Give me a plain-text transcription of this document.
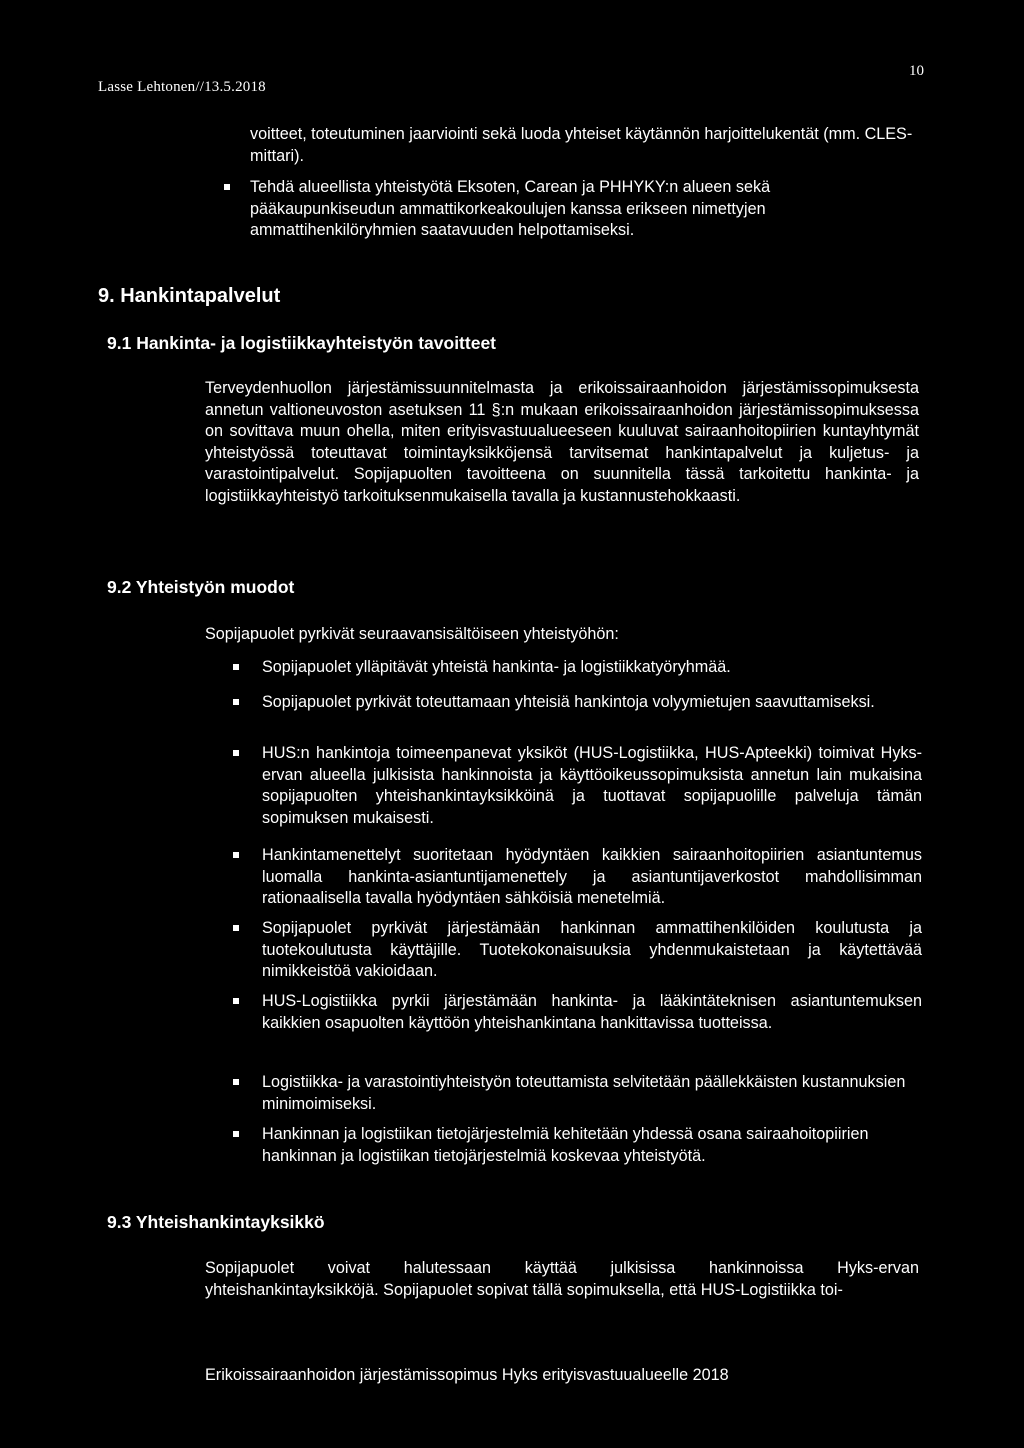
Lasse Lehtonen//13.5.2018
10

voitteet, toteutuminen jaarviointi sekä luoda yhteiset käytännön harjoittelukentät (mm. CLES- mittari).

Tehdä alueellista yhteistyötä Eksoten, Carean ja PHHYKY:n alueen sekä pääkaupunkiseudun ammattikorkeakoulujen kanssa erikseen nimettyjen ammattihenkilöryhmien saatavuuden helpottamiseksi.

9. Hankintapalvelut
9.1 Hankinta- ja logistiikkayhteistyön tavoitteet

Terveydenhuollon järjestämissuunnitelmasta ja erikoissairaanhoidon järjestämissopimuksesta annetun valtioneuvoston asetuksen 11 §:n mukaan erikoissairaanhoidon järjestämissopimuksessa on sovittava muun ohella, miten erityisvastuualueeseen kuuluvat sairaanhoitopiirien kuntayhtymät yhteistyössä toteuttavat toimintayksikköjensä tarvitsemat hankintapalvelut ja kuljetus- ja varastointipalvelut. Sopijapuolten tavoitteena on suunnitella tässä tarkoitettu hankinta- ja logistiikkayhteistyö tarkoituksenmukaisella tavalla ja kustannustehokkaasti.

9.2 Yhteistyön muodot

Sopijapuolet pyrkivät seuraavansisältöiseen yhteistyöhön:

Sopijapuolet ylläpitävät yhteistä hankinta- ja logistiikkatyöryhmää.

Sopijapuolet pyrkivät toteuttamaan yhteisiä hankintoja volyymietujen saavuttamiseksi.

HUS:n hankintoja toimeenpanevat yksiköt (HUS-Logistiikka, HUS-Apteekki) toimivat Hyks-ervan alueella julkisista hankinnoista ja käyttöoikeussopimuksista annetun lain mukaisina sopijapuolten yhteishankintayksikköinä ja tuottavat sopijapuolille palveluja tämän sopimuksen mukaisesti.

Hankintamenettelyt suoritetaan hyödyntäen kaikkien sairaanhoitopiirien asiantuntemus luomalla hankinta-asiantuntijamenettely ja asiantuntijaverkostot mahdollisimman rationaalisella tavalla hyödyntäen sähköisiä menetelmiä.

Sopijapuolet pyrkivät järjestämään hankinnan ammattihenkilöiden koulutusta ja tuotekoulutusta käyttäjille. Tuotekokonaisuuksia yhdenmukaistetaan ja käytettävää nimikkeistöä vakioidaan.

HUS-Logistiikka pyrkii järjestämään hankinta- ja lääkintäteknisen asiantuntemuksen kaikkien osapuolten käyttöön yhteishankintana hankittavissa tuotteissa.

Logistiikka- ja varastointiyhteistyön toteuttamista selvitetään päällekkäisten kustannuksien minimoimiseksi.

Hankinnan ja logistiikan tietojärjestelmiä kehitetään yhdessä osana sairaahoitopiirien hankinnan ja logistiikan tietojärjestelmiä koskevaa yhteistyötä.

9.3 Yhteishankintayksikkö

Sopijapuolet voivat halutessaan käyttää julkisissa hankinnoissa Hyks-ervan yhteishankintayksikköjä. Sopijapuolet sopivat tällä sopimuksella, että HUS-Logistiikka toi-

Erikoissairaanhoidon järjestämissopimus Hyks erityisvastuualueelle 2018
